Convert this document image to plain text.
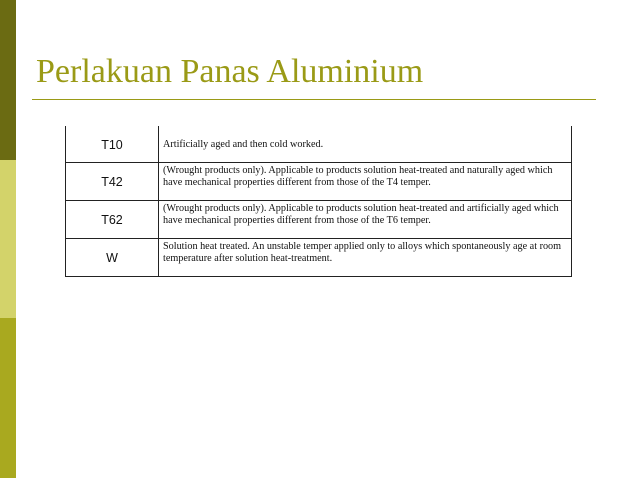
Perlakuan Panas Aluminium
T10	Artificially aged and then cold worked.
T42	(Wrought products only). Applicable to products solution heat-treated and naturally aged which have mechanical properties different from those of the T4 temper.
T62	(Wrought products only). Applicable to products solution heat-treated and artificially aged which have mechanical properties different from those of the T6 temper.
W	Solution heat treated. An unstable temper applied only to alloys which spontaneously age at room temperature after solution heat-treatment.
